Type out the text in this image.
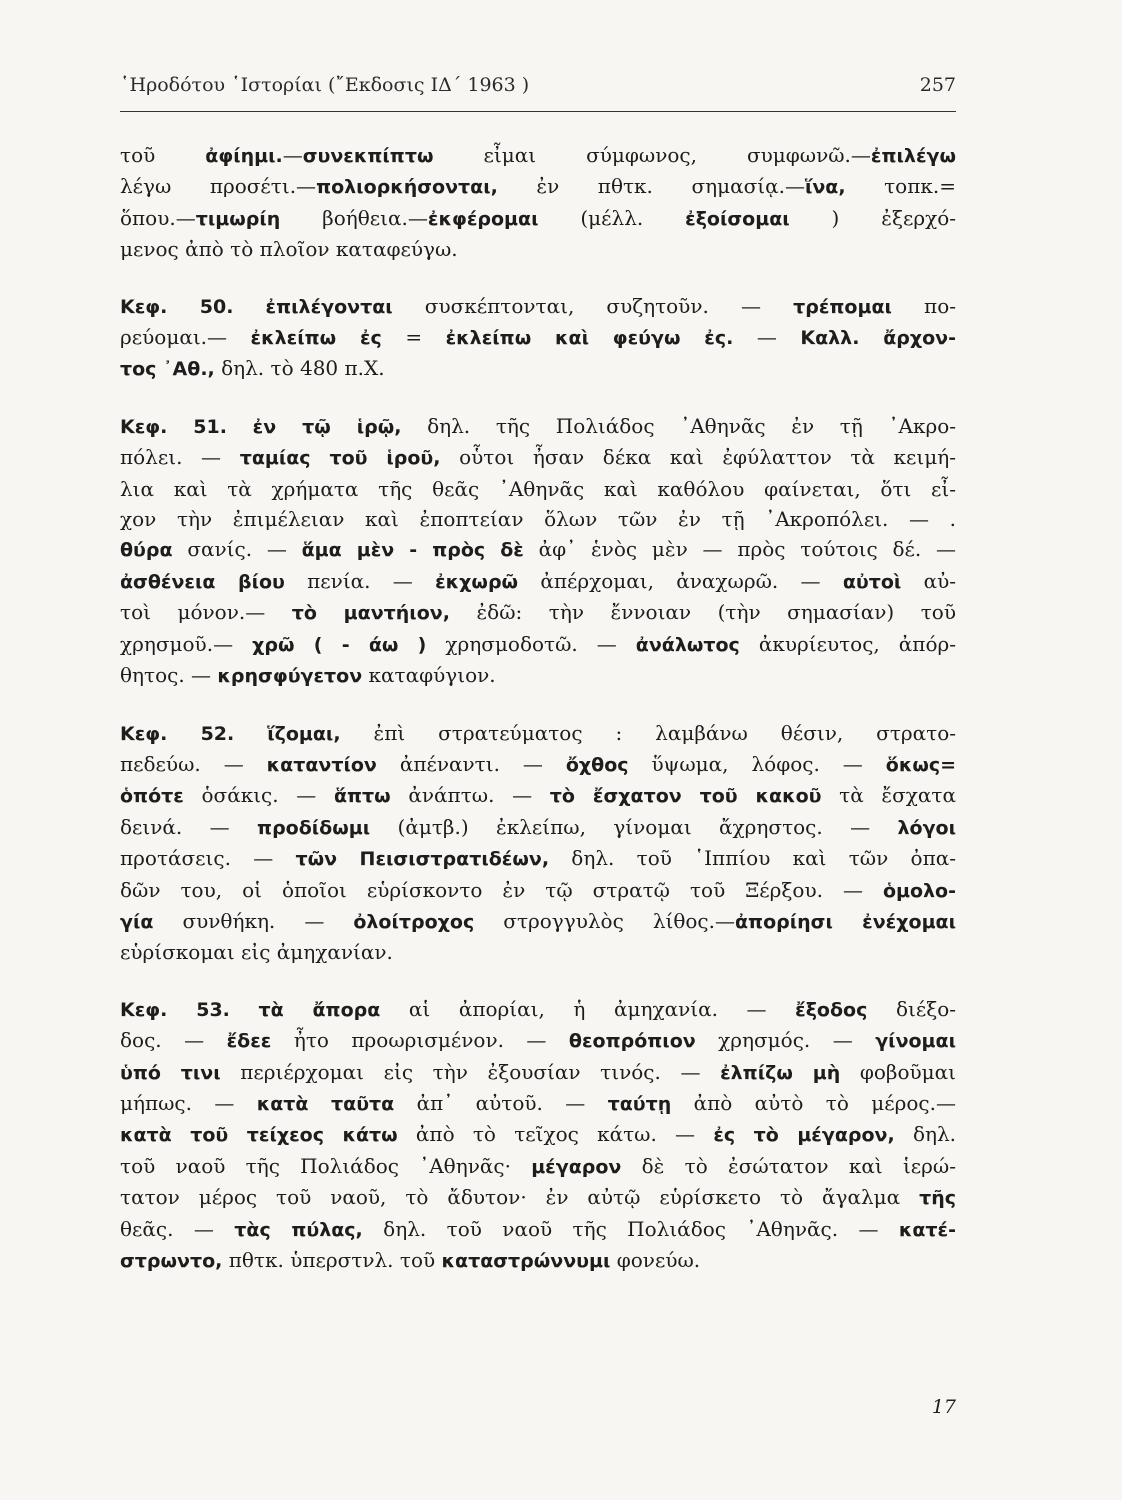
῾Ηροδότου ῾Ιστορίαι (῎Εκδοσις ΙΔ΄ 1963 )	257
τοῦ ἀφίημι.—συνεκπίπτω εἶμαι σύμφωνος, συμφωνῶ.—ἐπιλέγω
λέγω προσέτι.—πολιορκήσονται, ἐν πθτκ. σημασίᾳ.—ἵνα, τοπκ.=
ὅπου.—τιμωρίη βοήθεια.—ἐκφέρομαι (μέλλ. ἐξοίσομαι ) ἐξερχό-
μενος ἀπὸ τὸ πλοῖον καταφεύγω.
Κεφ. 50. ἐπιλέγονται συσκέπτονται, συζητοῦν. — τρέπομαι πο-
ρεύομαι.— ἐκλείπω ἐς = ἐκλείπω καὶ φεύγω ἐς. — Καλλ. ἄρχον-
τος ᾿Αθ., δηλ. τὸ 480 π.Χ.
Κεφ. 51. ἐν τῷ ἱρῷ, δηλ. τῆς Πολιάδος ᾿Αθηνᾶς ἐν τῇ ᾿Ακρο-
πόλει. — ταμίας τοῦ ἱροῦ, οὗτοι ἦσαν δέκα καὶ ἐφύλαττον τὰ κειμή-
λια καὶ τὰ χρήματα τῆς θεᾶς ᾿Αθηνᾶς καὶ καθόλου φαίνεται, ὅτι εἶ-
χον τὴν ἐπιμέλειαν καὶ ἐποπτείαν ὅλων τῶν ἐν τῇ ᾿Ακροπόλει. — .
θύρα σανίς. — ἅμα μὲν - πρὸς δὲ ἀφ᾿ ἑνὸς μὲν — πρὸς τούτοις δέ. —
ἀσθένεια βίου πενία. — ἐκχωρῶ ἀπέρχομαι, ἀναχωρῶ. — αὐτοὶ αὐ-
τοὶ μόνον.— τὸ μαντήιον, ἐδῶ: τὴν ἔννοιαν (τὴν σημασίαν) τοῦ
χρησμοῦ.— χρῶ ( - άω ) χρησμοδοτῶ. — ἀνάλωτος ἀκυρίευτος, ἀπόρ-
θητος. — κρησφύγετον καταφύγιον.
Κεφ. 52. ἵζομαι, ἐπὶ στρατεύματος : λαμβάνω θέσιν, στρατο-
πεδεύω. — καταντίον ἀπέναντι. — ὄχθος ὕψωμα, λόφος. — ὅκως=
ὁπότε ὁσάκις. — ἅπτω ἀνάπτω. — τὸ ἔσχατον τοῦ κακοῦ τὰ ἔσχατα
δεινά. — προδίδωμι (ἀμτβ.) ἐκλείπω, γίνομαι ἄχρηστος. — λόγοι
προτάσεις. — τῶν Πεισιστρατιδέων, δηλ. τοῦ ῾Ιππίου καὶ τῶν ὀπα-
δῶν του, οἱ ὁποῖοι εὑρίσκοντο ἐν τῷ στρατῷ τοῦ Ξέρξου. — ὁμολο-
γία συνθήκη. — ὀλοίτροχος στρογγυλὸς λίθος.—ἀπορίησι ἐνέχομαι
εὑρίσκομαι εἰς ἀμηχανίαν.
Κεφ. 53. τὰ ἄπορα αἱ ἀπορίαι, ἡ ἀμηχανία. — ἔξοδος διέξο-
δος. — ἔδεε ἦτο προωρισμένον. — θεοπρόπιον χρησμός. — γίνομαι
ὑπό τινι περιέρχομαι εἰς τὴν ἐξουσίαν τινός. — ἐλπίζω μὴ φοβοῦμαι
μήπως. — κατὰ ταῦτα ἀπ᾿ αὐτοῦ. — ταύτῃ ἀπὸ αὐτὸ τὸ μέρος.—
κατὰ τοῦ τείχεος κάτω ἀπὸ τὸ τεῖχος κάτω. — ἐς τὸ μέγαρον, δηλ.
τοῦ ναοῦ τῆς Πολιάδος ᾿Αθηνᾶς· μέγαρον δὲ τὸ ἐσώτατον καὶ ἱερώ-
τατον μέρος τοῦ ναοῦ, τὸ ἄδυτον· ἐν αὐτῷ εὑρίσκετο τὸ ἄγαλμα τῆς
θεᾶς. — τὰς πύλας, δηλ. τοῦ ναοῦ τῆς Πολιάδος ᾿Αθηνᾶς. — κατέ-
στρωντο, πθτκ. ὑπερστνλ. τοῦ καταστρώννυμι φονεύω.
17
